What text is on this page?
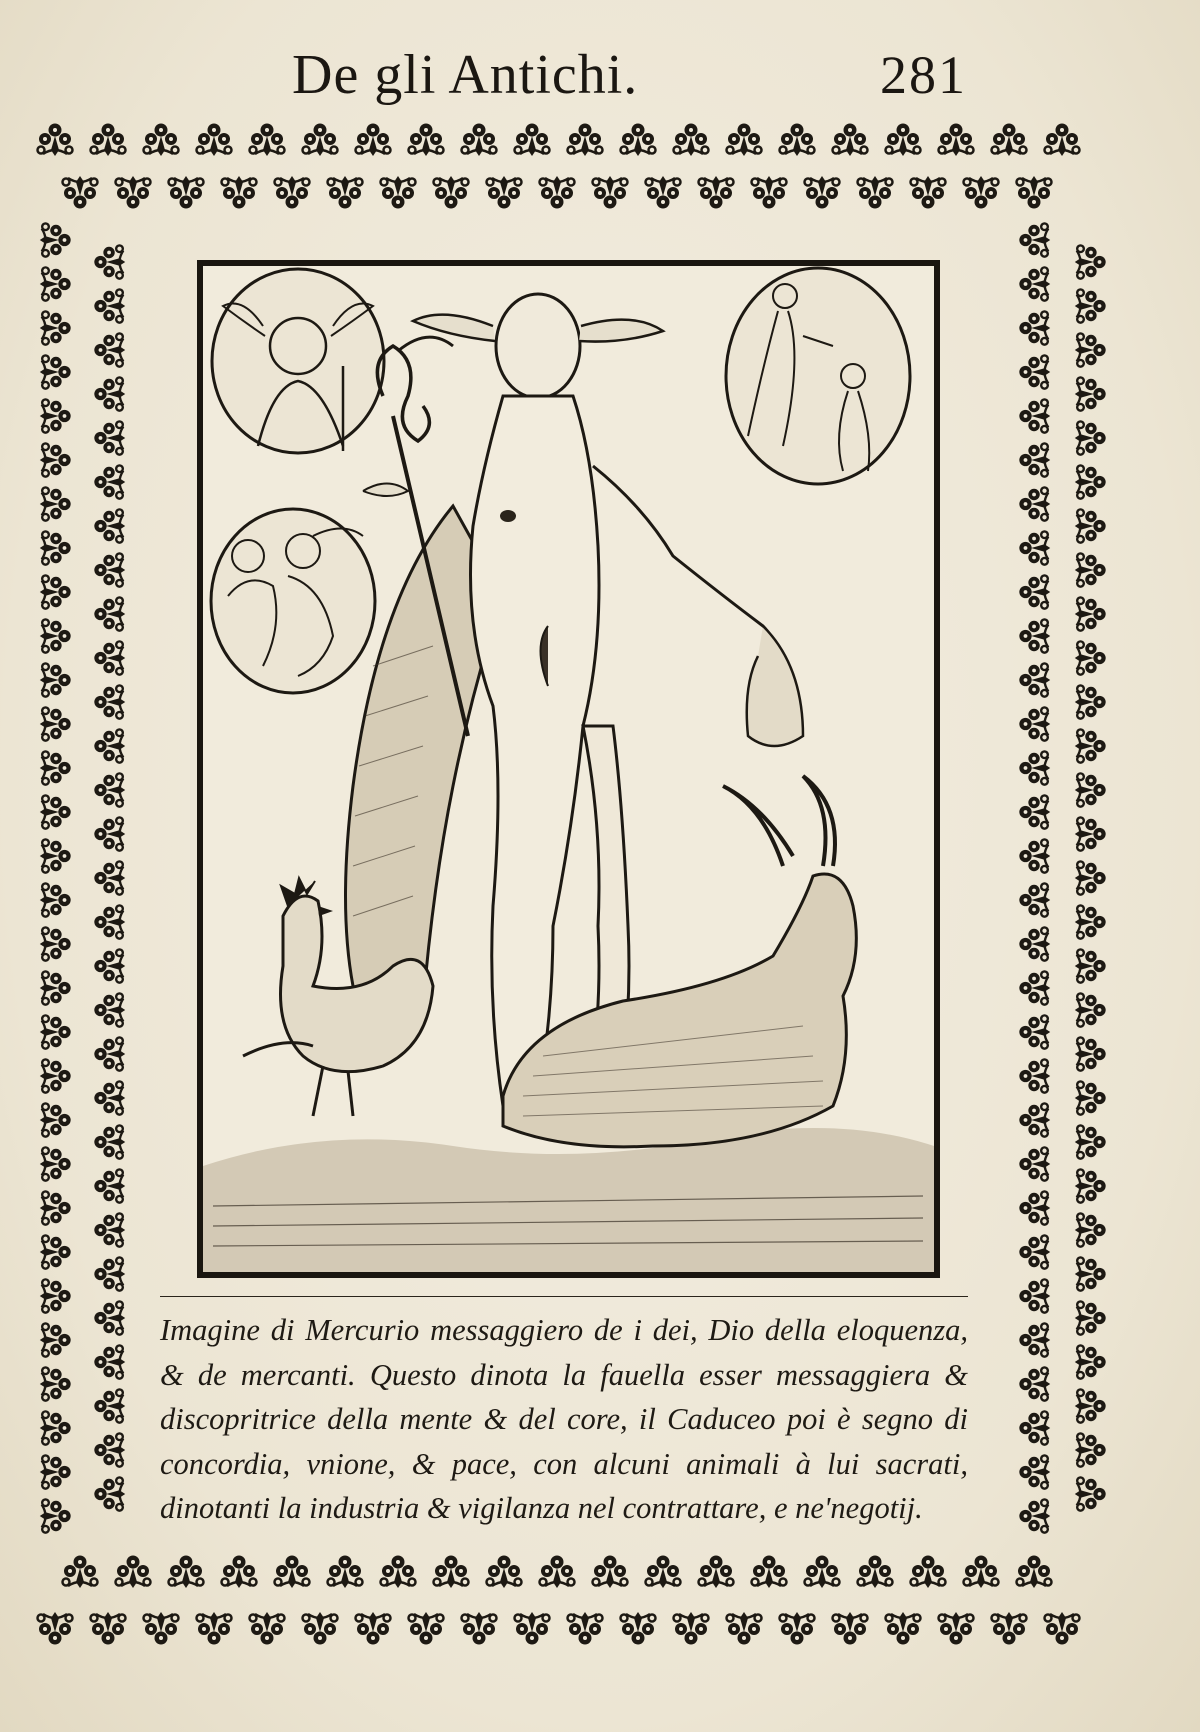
De gli Antichi.	281

Imagine di Mercurio messaggiero de i dei, Dio della eloquenza, & de mercanti. Questo dinota la fauella esser messaggiera & discopritrice della mente & del core, il Caduceo poi è segno di concordia, vnione, & pace, con alcuni animali à lui sacrati, dinotanti la industria & vigilanza nel contrattare, e ne'negotij.
